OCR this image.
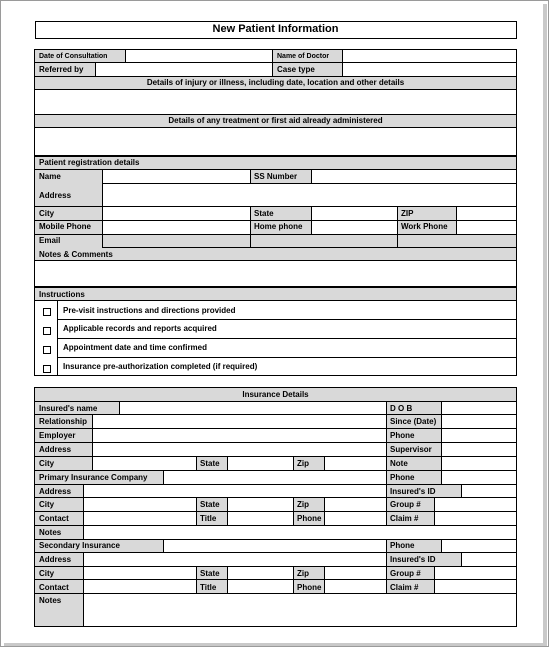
New Patient Information
Date of Consultation	Name of Doctor
Referred by	Case type
Details of injury or illness, including date, location and other details
Details of any treatment or first aid already administered
Patient registration details
Name	SS Number
Address
City	State	ZIP
Mobile Phone	Home phone	Work Phone
Email
Notes & Comments
Instructions
Pre-visit instructions and directions provided
Applicable records and reports acquired
Appointment date and time confirmed
Insurance pre-authorization completed (if required)
Insurance Details
Insured's name	D O B
Relationship	Since (Date)
Employer	Phone
Address	Supervisor
City	State	Zip	Note
Primary Insurance Company	Phone
Address	Insured's ID
City	State	Zip	Group #
Contact	Title	Phone	Claim #
Notes
Secondary Insurance	Phone
Address	Insured's ID
City	State	Zip	Group #
Contact	Title	Phone	Claim #
Notes
